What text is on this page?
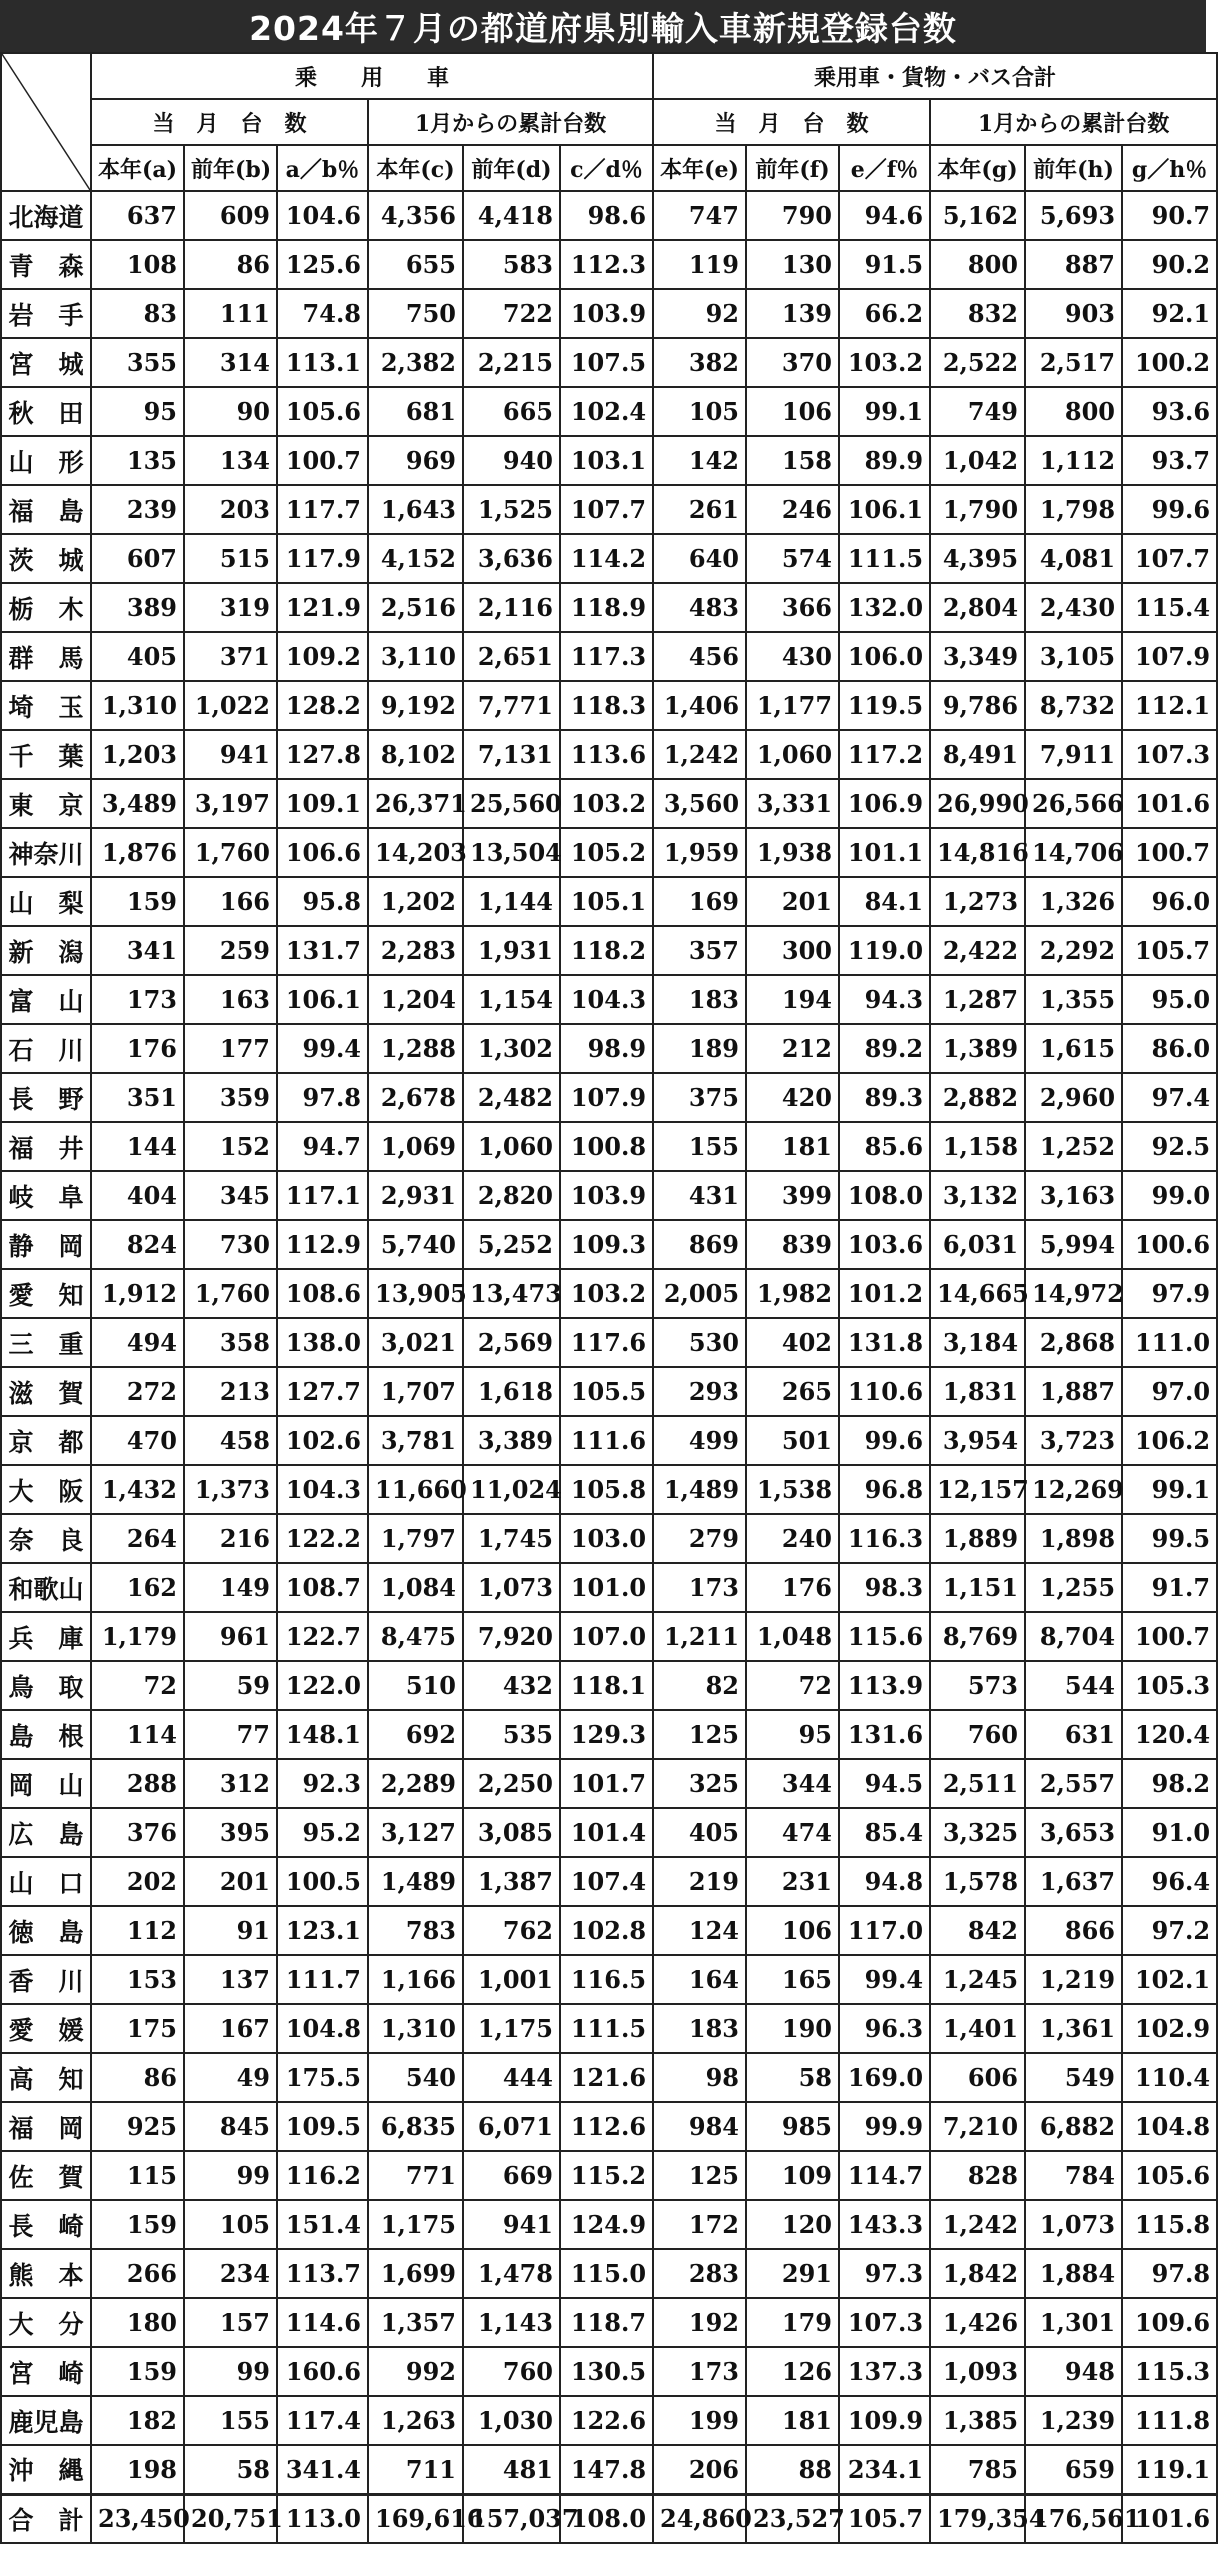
2024年７月の都道府県別輸入車新規登録台数
	乗　　用　　車						乗用車・貨物・バス合計					
	当　月　台　数			1月からの累計台数			当　月　台　数			1月からの累計台数		
	本年(a)	前年(b)	a／b％	本年(c)	前年(d)	c／d％	本年(e)	前年(f)	e／f％	本年(g)	前年(h)	g／h％
北海道	637	609	104.6	4,356	4,418	98.6	747	790	94.6	5,162	5,693	90.7
青　森	108	86	125.6	655	583	112.3	119	130	91.5	800	887	90.2
岩　手	83	111	74.8	750	722	103.9	92	139	66.2	832	903	92.1
宮　城	355	314	113.1	2,382	2,215	107.5	382	370	103.2	2,522	2,517	100.2
秋　田	95	90	105.6	681	665	102.4	105	106	99.1	749	800	93.6
山　形	135	134	100.7	969	940	103.1	142	158	89.9	1,042	1,112	93.7
福　島	239	203	117.7	1,643	1,525	107.7	261	246	106.1	1,790	1,798	99.6
茨　城	607	515	117.9	4,152	3,636	114.2	640	574	111.5	4,395	4,081	107.7
栃　木	389	319	121.9	2,516	2,116	118.9	483	366	132.0	2,804	2,430	115.4
群　馬	405	371	109.2	3,110	2,651	117.3	456	430	106.0	3,349	3,105	107.9
埼　玉	1,310	1,022	128.2	9,192	7,771	118.3	1,406	1,177	119.5	9,786	8,732	112.1
千　葉	1,203	941	127.8	8,102	7,131	113.6	1,242	1,060	117.2	8,491	7,911	107.3
東　京	3,489	3,197	109.1	26,371	25,560	103.2	3,560	3,331	106.9	26,990	26,566	101.6
神奈川	1,876	1,760	106.6	14,203	13,504	105.2	1,959	1,938	101.1	14,816	14,706	100.7
山　梨	159	166	95.8	1,202	1,144	105.1	169	201	84.1	1,273	1,326	96.0
新　潟	341	259	131.7	2,283	1,931	118.2	357	300	119.0	2,422	2,292	105.7
富　山	173	163	106.1	1,204	1,154	104.3	183	194	94.3	1,287	1,355	95.0
石　川	176	177	99.4	1,288	1,302	98.9	189	212	89.2	1,389	1,615	86.0
長　野	351	359	97.8	2,678	2,482	107.9	375	420	89.3	2,882	2,960	97.4
福　井	144	152	94.7	1,069	1,060	100.8	155	181	85.6	1,158	1,252	92.5
岐　阜	404	345	117.1	2,931	2,820	103.9	431	399	108.0	3,132	3,163	99.0
静　岡	824	730	112.9	5,740	5,252	109.3	869	839	103.6	6,031	5,994	100.6
愛　知	1,912	1,760	108.6	13,905	13,473	103.2	2,005	1,982	101.2	14,665	14,972	97.9
三　重	494	358	138.0	3,021	2,569	117.6	530	402	131.8	3,184	2,868	111.0
滋　賀	272	213	127.7	1,707	1,618	105.5	293	265	110.6	1,831	1,887	97.0
京　都	470	458	102.6	3,781	3,389	111.6	499	501	99.6	3,954	3,723	106.2
大　阪	1,432	1,373	104.3	11,660	11,024	105.8	1,489	1,538	96.8	12,157	12,269	99.1
奈　良	264	216	122.2	1,797	1,745	103.0	279	240	116.3	1,889	1,898	99.5
和歌山	162	149	108.7	1,084	1,073	101.0	173	176	98.3	1,151	1,255	91.7
兵　庫	1,179	961	122.7	8,475	7,920	107.0	1,211	1,048	115.6	8,769	8,704	100.7
鳥　取	72	59	122.0	510	432	118.1	82	72	113.9	573	544	105.3
島　根	114	77	148.1	692	535	129.3	125	95	131.6	760	631	120.4
岡　山	288	312	92.3	2,289	2,250	101.7	325	344	94.5	2,511	2,557	98.2
広　島	376	395	95.2	3,127	3,085	101.4	405	474	85.4	3,325	3,653	91.0
山　口	202	201	100.5	1,489	1,387	107.4	219	231	94.8	1,578	1,637	96.4
徳　島	112	91	123.1	783	762	102.8	124	106	117.0	842	866	97.2
香　川	153	137	111.7	1,166	1,001	116.5	164	165	99.4	1,245	1,219	102.1
愛　媛	175	167	104.8	1,310	1,175	111.5	183	190	96.3	1,401	1,361	102.9
高　知	86	49	175.5	540	444	121.6	98	58	169.0	606	549	110.4
福　岡	925	845	109.5	6,835	6,071	112.6	984	985	99.9	7,210	6,882	104.8
佐　賀	115	99	116.2	771	669	115.2	125	109	114.7	828	784	105.6
長　崎	159	105	151.4	1,175	941	124.9	172	120	143.3	1,242	1,073	115.8
熊　本	266	234	113.7	1,699	1,478	115.0	283	291	97.3	1,842	1,884	97.8
大　分	180	157	114.6	1,357	1,143	118.7	192	179	107.3	1,426	1,301	109.6
宮　崎	159	99	160.6	992	760	130.5	173	126	137.3	1,093	948	115.3
鹿児島	182	155	117.4	1,263	1,030	122.6	199	181	109.9	1,385	1,239	111.8
沖　縄	198	58	341.4	711	481	147.8	206	88	234.1	785	659	119.1
合　計	23,450	20,751	113.0	169,616	157,037	108.0	24,860	23,527	105.7	179,354	176,561	101.6
